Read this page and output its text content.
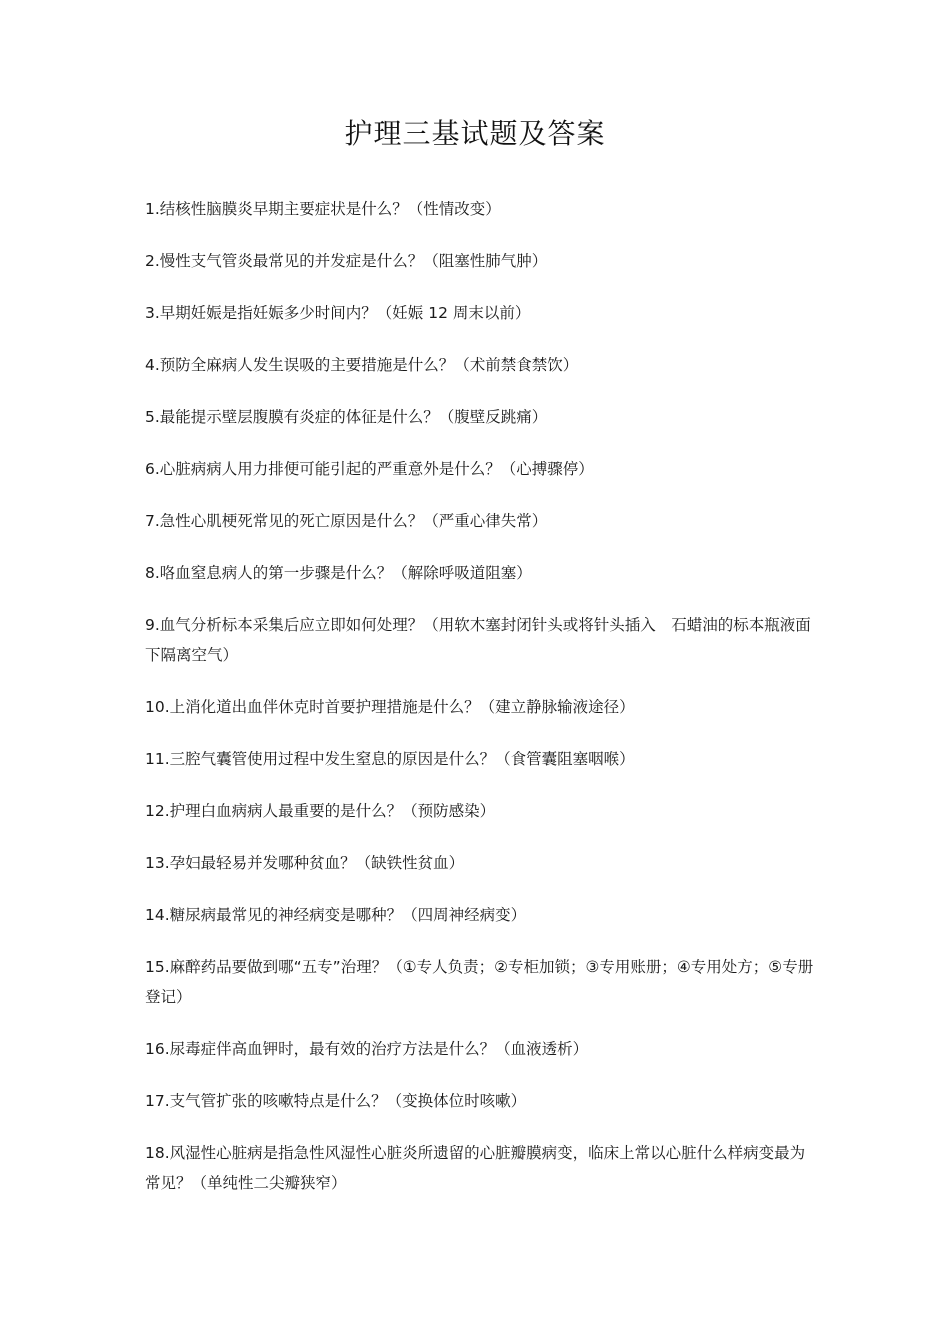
护理三基试题及答案
1.结核性脑膜炎早期主要症状是什么？（性情改变）
2.慢性支气管炎最常见的并发症是什么？（阻塞性肺气肿）
3.早期妊娠是指妊娠多少时间内？（妊娠 12 周末以前）
4.预防全麻病人发生误吸的主要措施是什么？（术前禁食禁饮）
5.最能提示壁层腹膜有炎症的体征是什么？（腹壁反跳痛）
6.心脏病病人用力排便可能引起的严重意外是什么？（心搏骤停）
7.急性心肌梗死常见的死亡原因是什么？（严重心律失常）
8.咯血窒息病人的第一步骤是什么？（解除呼吸道阻塞）
9.血气分析标本采集后应立即如何处理？（用软木塞封闭针头或将针头插入　石蜡油的标本瓶液面下隔离空气）
10.上消化道出血伴休克时首要护理措施是什么？（建立静脉输液途径）
11.三腔气囊管使用过程中发生窒息的原因是什么？（食管囊阻塞咽喉）
12.护理白血病病人最重要的是什么？（预防感染）
13.孕妇最轻易并发哪种贫血？（缺铁性贫血）
14.糖尿病最常见的神经病变是哪种？（四周神经病变）
15.麻醉药品要做到哪“五专”治理？（①专人负责；②专柜加锁；③专用账册；④专用处方；⑤专册登记）
16.尿毒症伴高血钾时，最有效的治疗方法是什么？（血液透析）
17.支气管扩张的咳嗽特点是什么？（变换体位时咳嗽）
18.风湿性心脏病是指急性风湿性心脏炎所遗留的心脏瓣膜病变，临床上常以心脏什么样病变最为常见？（单纯性二尖瓣狭窄）
